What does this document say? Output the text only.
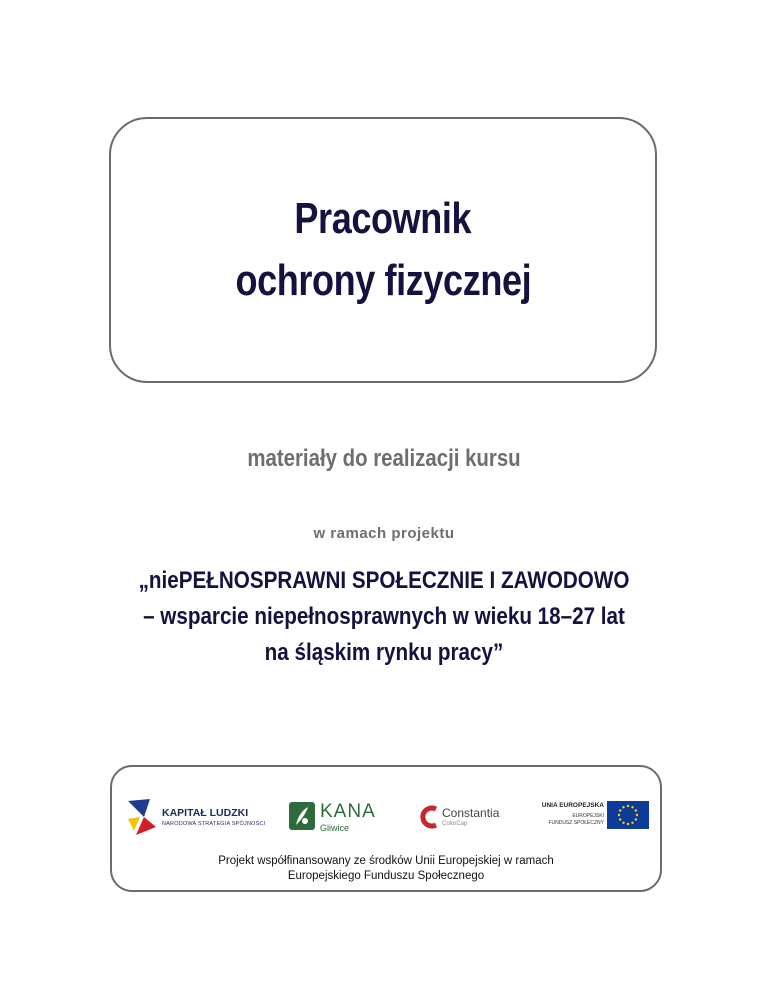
Pracownik
ochrony fizycznej
materiały do realizacji kursu
w ramach projektu
„niePEŁNOSPRAWNI SPOŁECZNIE I ZAWODOWO
– wsparcie niepełnosprawnych w wieku 18–27 lat
na śląskim rynku pracy”
KAPITAŁ LUDZKI
NARODOWA STRATEGIA SPÓJNOŚCI
KANA
Gliwice
Constantia
ColorCap
UNIA EUROPEJSKA
EUROPEJSKI
FUNDUSZ SPOŁECZNY
Projekt współfinansowany ze środków Unii Europejskiej w ramach
Europejskiego Funduszu Społecznego
